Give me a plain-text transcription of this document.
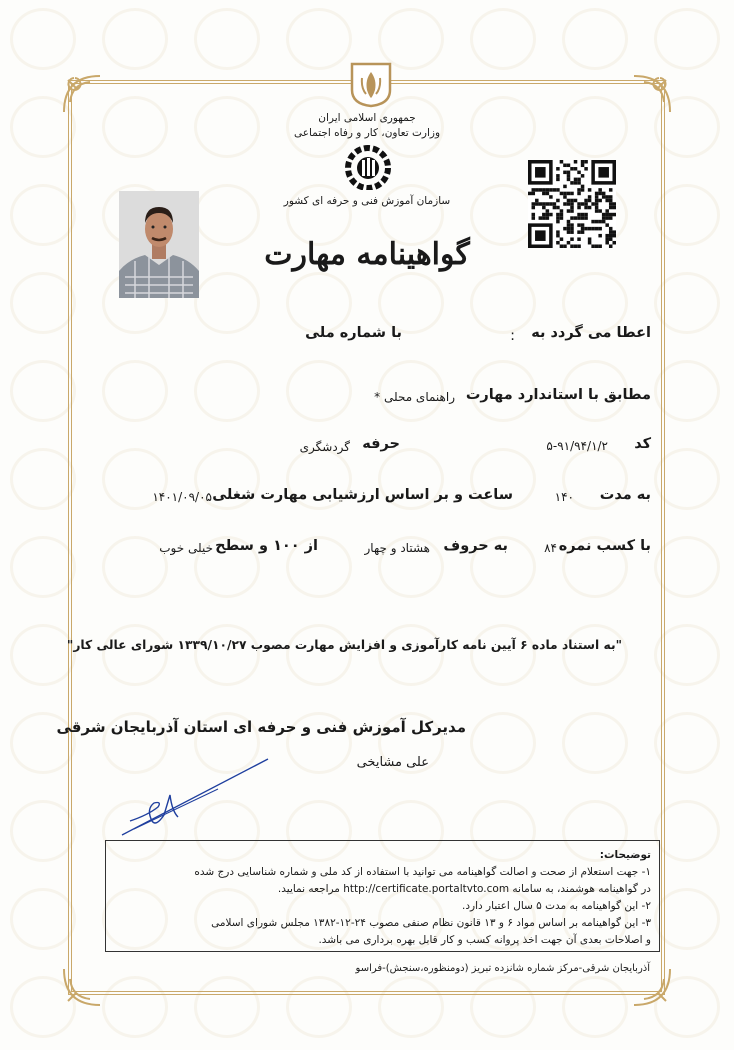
جمهوری اسلامی ایران
وزارت تعاون، کار و رفاه اجتماعی
سازمان آموزش فنی و حرفه ای کشور
گواهینامه مهارت
اعطا می گردد به
:
با شماره ملی
مطابق با استاندارد مهارت
راهنمای محلی *
کد
۵-۹۱/۹۴/۱/۲
حرفه
گردشگری
به مدت
۱۴۰
ساعت و بر اساس ارزشیابی مهارت شغلی
۱۴۰۱/۰۹/۰۵
با کسب نمره
۸۴
به حروف
هشتاد و چهار
از ۱۰۰ و سطح
خیلی خوب
"به استناد ماده ۶ آیین نامه کارآموزی و افزایش مهارت مصوب ۱۳۳۹/۱۰/۲۷ شورای عالی کار"
مدیرکل آموزش فنی و حرفه ای استان آذربایجان شرقی
علی مشایخی
توضیحات:
۱- جهت استعلام از صحت و اصالت گواهینامه می توانید با استفاده از کد ملی و شماره شناسایی درج شده
در گواهینامه هوشمند، به سامانه http://certificate.portaltvto.com مراجعه نمایید.
۲- این گواهینامه به مدت ۵ سال اعتبار دارد.
۳- این گواهینامه بر اساس مواد ۶ و ۱۳ قانون نظام صنفی مصوب ۲۴-۱۲-۱۳۸۲ مجلس شورای اسلامی
و اصلاحات بعدی آن جهت اخذ پروانه کسب و کار قابل بهره برداری می باشد.
آذربایجان شرقی-مرکز شماره شانزده تبریز (دومنظوره،سنجش)-فراسو
